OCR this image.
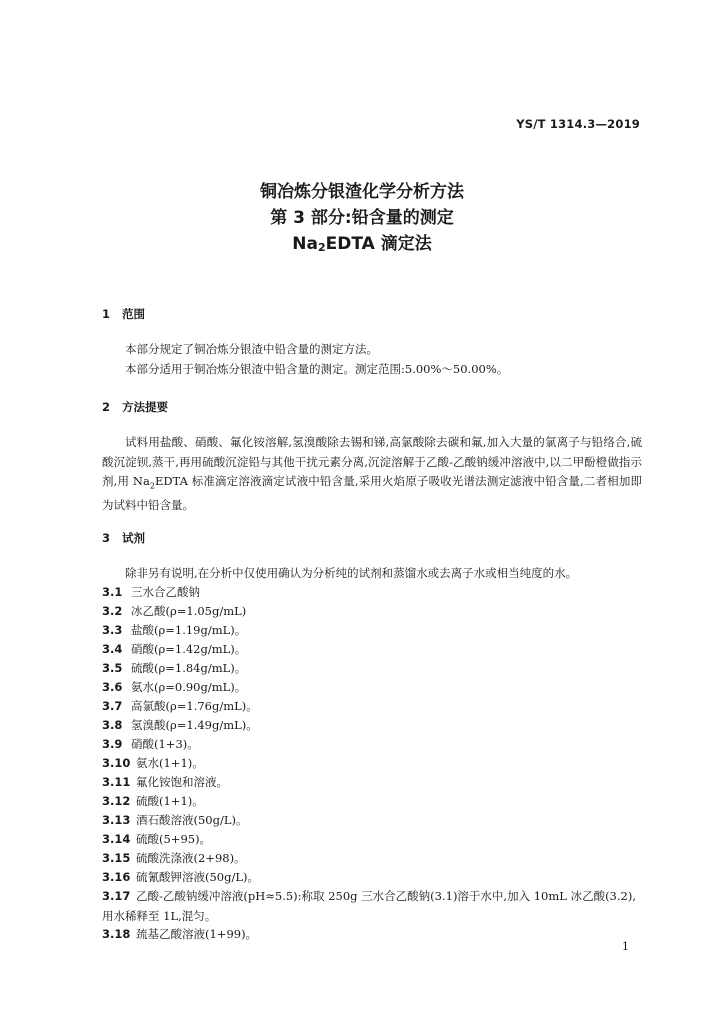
YS/T 1314.3—2019
铜冶炼分银渣化学分析方法
第 3 部分:铅含量的测定
$Na_2EDTA$ 滴定法
1 范围
本部分规定了铜冶炼分银渣中铅含量的测定方法。
本部分适用于铜冶炼分银渣中铅含量的测定。测定范围:5.00%～50.00%。
2 方法提要
试料用盐酸、硝酸、氟化铵溶解,氢溴酸除去锡和锑,高氯酸除去碳和氟,加入大量的氯离子与铅络合,硫酸沉淀钡,蒸干,再用硫酸沉淀铅与其他干扰元素分离,沉淀溶解于乙酸-乙酸钠缓冲溶液中,以二甲酚橙做指示剂,用 $Na_2EDTA$ 标准滴定溶液滴定试液中铅含量,采用火焰原子吸收光谱法测定滤液中铅含量,二者相加即为试料中铅含量。
3 试剂
除非另有说明,在分析中仅使用确认为分析纯的试剂和蒸馏水或去离子水或相当纯度的水。
3.1 三水合乙酸钠
3.2 冰乙酸(ρ=1.05g/mL)
3.3 盐酸(ρ=1.19g/mL)。
3.4 硝酸(ρ=1.42g/mL)。
3.5 硫酸(ρ=1.84g/mL)。
3.6 氨水(ρ=0.90g/mL)。
3.7 高氯酸(ρ=1.76g/mL)。
3.8 氢溴酸(ρ=1.49g/mL)。
3.9 硝酸(1+3)。
3.10 氨水(1+1)。
3.11 氟化铵饱和溶液。
3.12 硫酸(1+1)。
3.13 酒石酸溶液(50g/L)。
3.14 硫酸(5+95)。
3.15 硫酸洗涤液(2+98)。
3.16 硫氰酸钾溶液(50g/L)。
3.17 乙酸-乙酸钠缓冲溶液(pH≈5.5):称取 250g 三水合乙酸钠(3.1)溶于水中,加入 10mL 冰乙酸(3.2),用水稀释至 1L,混匀。
3.18 巯基乙酸溶液(1+99)。
1
